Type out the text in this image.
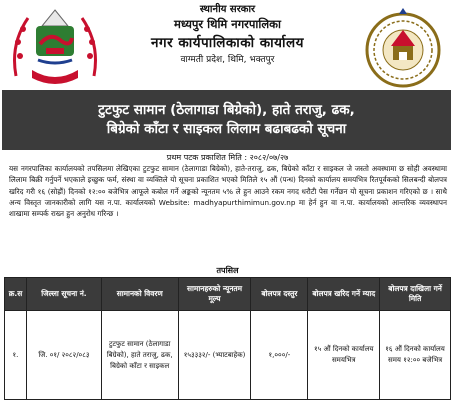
स्थानीय सरकार
मध्यपुर थिमि नगरपालिका
नगर कार्यपालिकाको कार्यालय
वाग्मती प्रदेश, थिमि, भक्तपुर
टुटफुट सामान (ठेलागाडा बिग्रेको), हाते तराजु, ढक,
बिग्रेको काँटा र साइकल लिलाम बढाबढको सूचना
प्रथम पटक प्रकाशित मिति : २०८२/०७/२७
यस नगरपालिका कार्यालयको तपसिलमा लेखिएका टुटफुट सामान (ठेलागाडा बिग्रेको), हाते-तराजु, ढक, बिग्रेको काँटा र साइकल जे जस्तो अवस्थामा छ सोही अवस्थामा लिलाम बिक्री गर्नुपर्ने भएकाले इच्छुक फर्म, संस्था वा व्यक्तिले यो सूचना प्रकाशित भएको मितिले १५ औं (पन्ध) दिनको कार्यालय समयभित्र रितपूर्वकको सिलबन्दी बोलपत्र खरिद गरी १६ (सोह्रौं) दिनको १२:०० बजेभित्र आफूले कबोल गर्ने अङ्कको न्यूनतम ५% ले हुन आउने रकम नगद धरौटी पेस गर्नेछन यो सूचना प्रकाशन गरिएको छ । साथै अन्य विस्तृत जानकारीको लागि यस न.पा. कार्यालयको Website: madhyapurthimimun.gov.np मा हेर्न हुन वा न.पा. कार्यालयको आन्तरिक व्यवस्थापन शाखामा सम्पर्क राख्न हुन अनुरोध गरिन्छ ।
तपसिल
क्र.स	जिल्ला सूचना नं.	सामानको विवरण	सामानहरुको न्यूनतम मूल्य	बोलपत्र दस्तुर	बोलपत्र खरिद गर्ने म्याद	बोलपत्र दाखिला गर्ने मिति
१.	जि. ०१/ २०८२/०८३	टुटफुट सामान (ठेलागाडा बिग्रेको), हाते तराजु, ढक, बिग्रेको काँटा र साइकल	१५३३३२/- (भ्याटबाहेक)	१,०००/-	१५ औं दिनको कार्यालय समयभित्र	१६ औं दिनको कार्यालय समय १२:०० बजेभित्र
